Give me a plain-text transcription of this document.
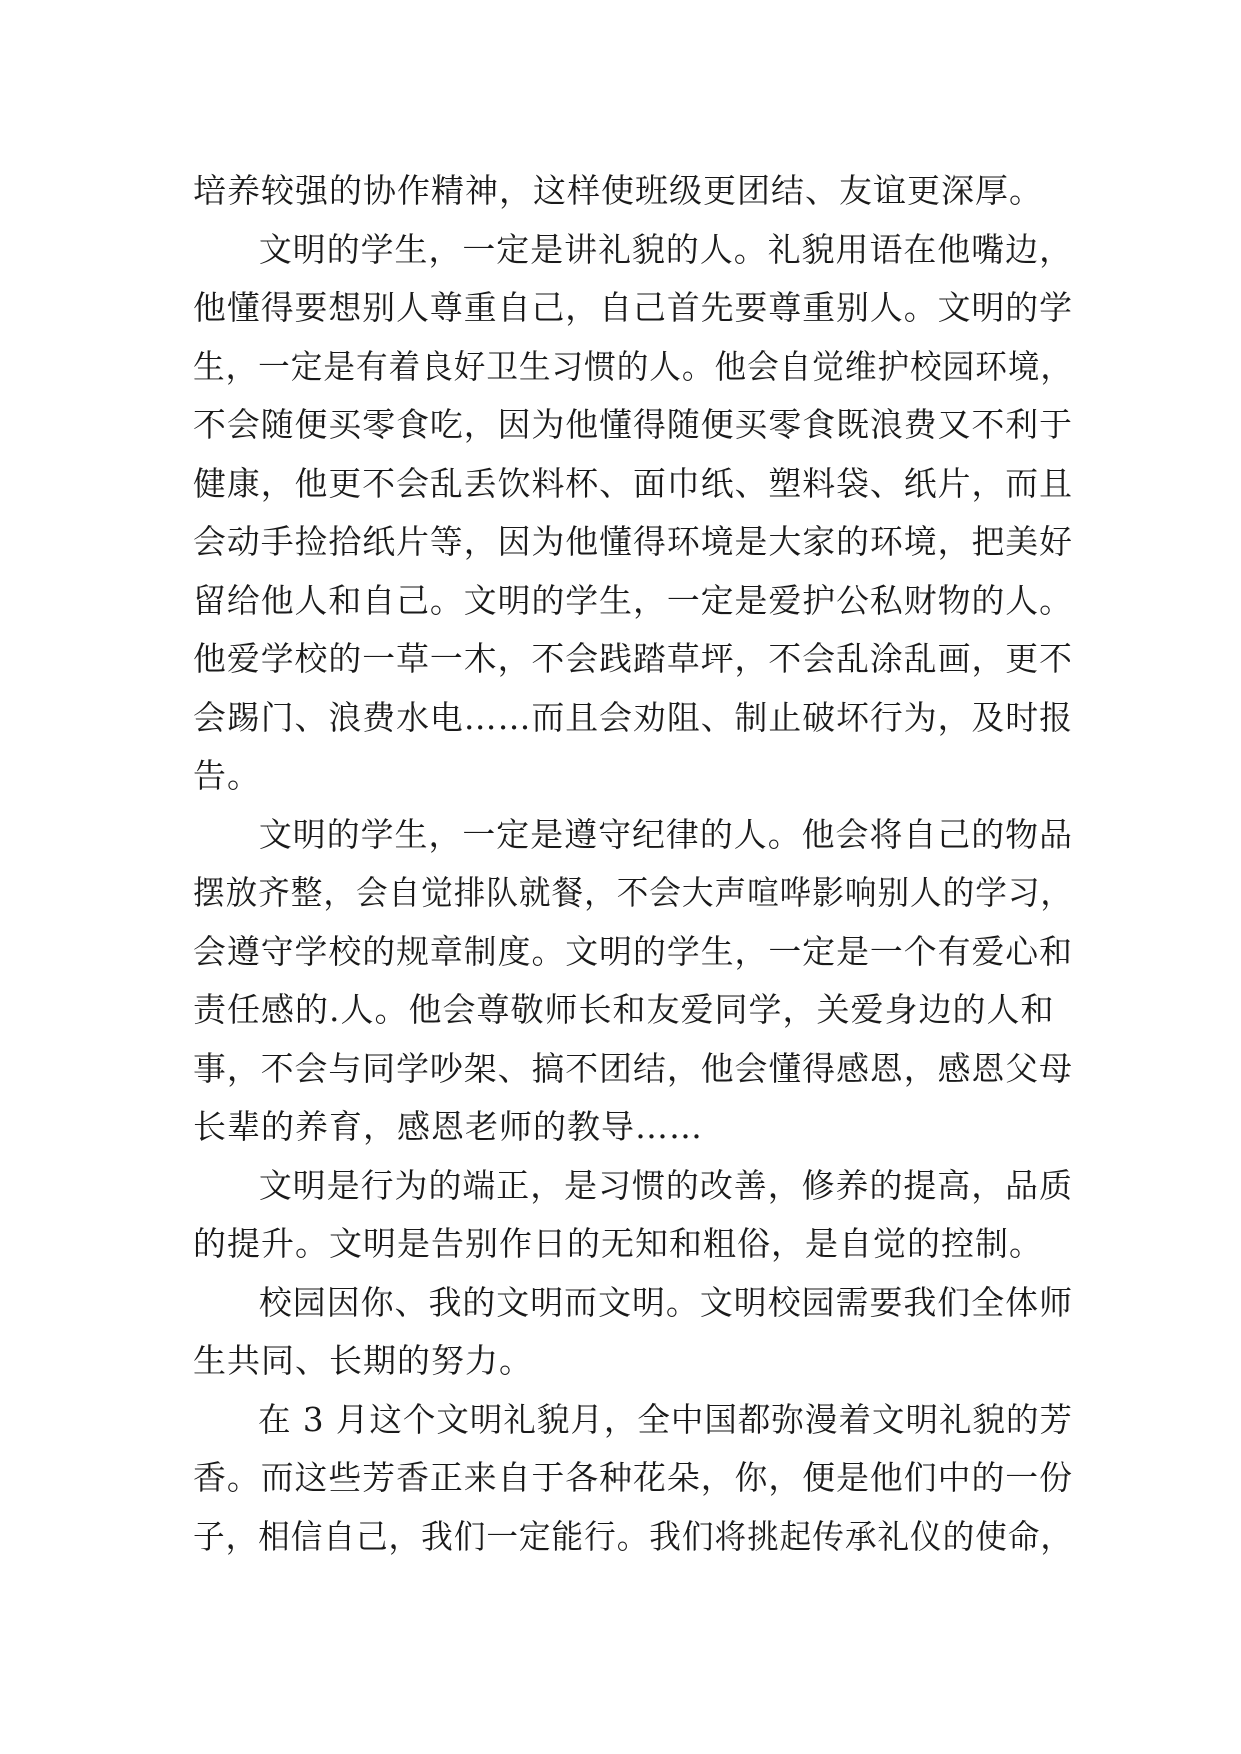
培养较强的协作精神，这样使班级更团结、友谊更深厚。
文明的学生，一定是讲礼貌的人。礼貌用语在他嘴边，
他懂得要想别人尊重自己，自己首先要尊重别人。文明的学
生，一定是有着良好卫生习惯的人。他会自觉维护校园环境，
不会随便买零食吃，因为他懂得随便买零食既浪费又不利于
健康，他更不会乱丢饮料杯、面巾纸、塑料袋、纸片，而且
会动手捡拾纸片等，因为他懂得环境是大家的环境，把美好
留给他人和自己。文明的学生，一定是爱护公私财物的人。
他爱学校的一草一木，不会践踏草坪，不会乱涂乱画，更不
会踢门、浪费水电……而且会劝阻、制止破坏行为，及时报
告。
文明的学生，一定是遵守纪律的人。他会将自己的物品
摆放齐整，会自觉排队就餐，不会大声喧哗影响别人的学习，
会遵守学校的规章制度。文明的学生，一定是一个有爱心和
责任感的.人。他会尊敬师长和友爱同学，关爱身边的人和
事，不会与同学吵架、搞不团结，他会懂得感恩，感恩父母
长辈的养育，感恩老师的教导……
文明是行为的端正，是习惯的改善，修养的提高，品质
的提升。文明是告别作日的无知和粗俗，是自觉的控制。
校园因你、我的文明而文明。文明校园需要我们全体师
生共同、长期的努力。
在 3 月这个文明礼貌月，全中国都弥漫着文明礼貌的芳
香。而这些芳香正来自于各种花朵，你，便是他们中的一份
子，相信自己，我们一定能行。我们将挑起传承礼仪的使命，
